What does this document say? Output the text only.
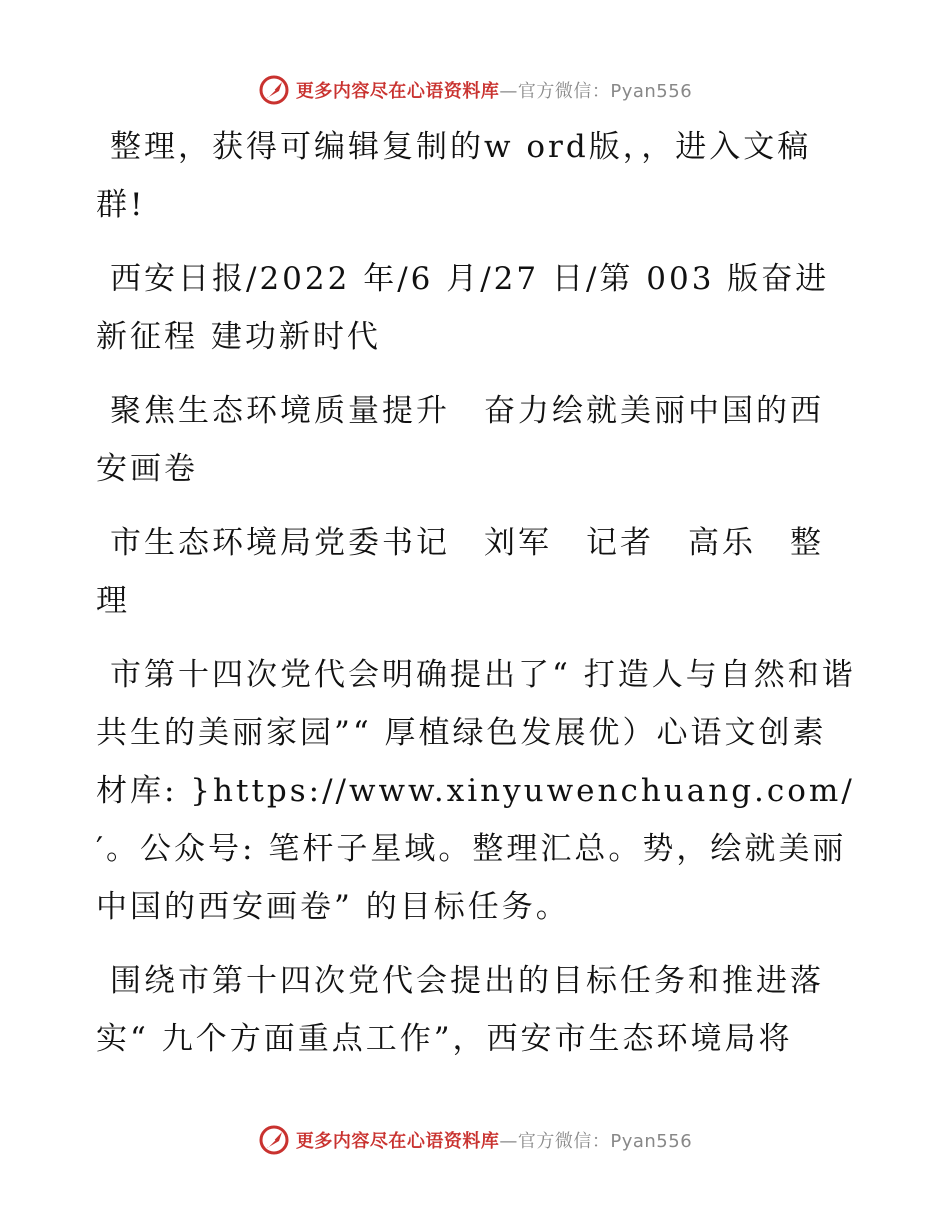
更多内容尽在心语资料库—官方微信：Pyan556

整理，获得可编辑复制的w ord版，，进入文稿群!

西安日报/2022 年/6 月/27 日/第 003 版奋进新征程 建功新时代

聚焦生态环境质量提升　奋力绘就美丽中国的西安画卷

市生态环境局党委书记　刘军　记者　高乐　整理

市第十四次党代会明确提出了“ 打造人与自然和谐共生的美丽家园”“ 厚植绿色发展优）心语文创素材库: }https://www.xinyuwenchuang.com/′。公众号: 笔杆子星域。整理汇总。势，绘就美丽中国的西安画卷” 的目标任务。

围绕市第十四次党代会提出的目标任务和推进落实“ 九个方面重点工作”，西安市生态环境局将

更多内容尽在心语资料库—官方微信：Pyan556
